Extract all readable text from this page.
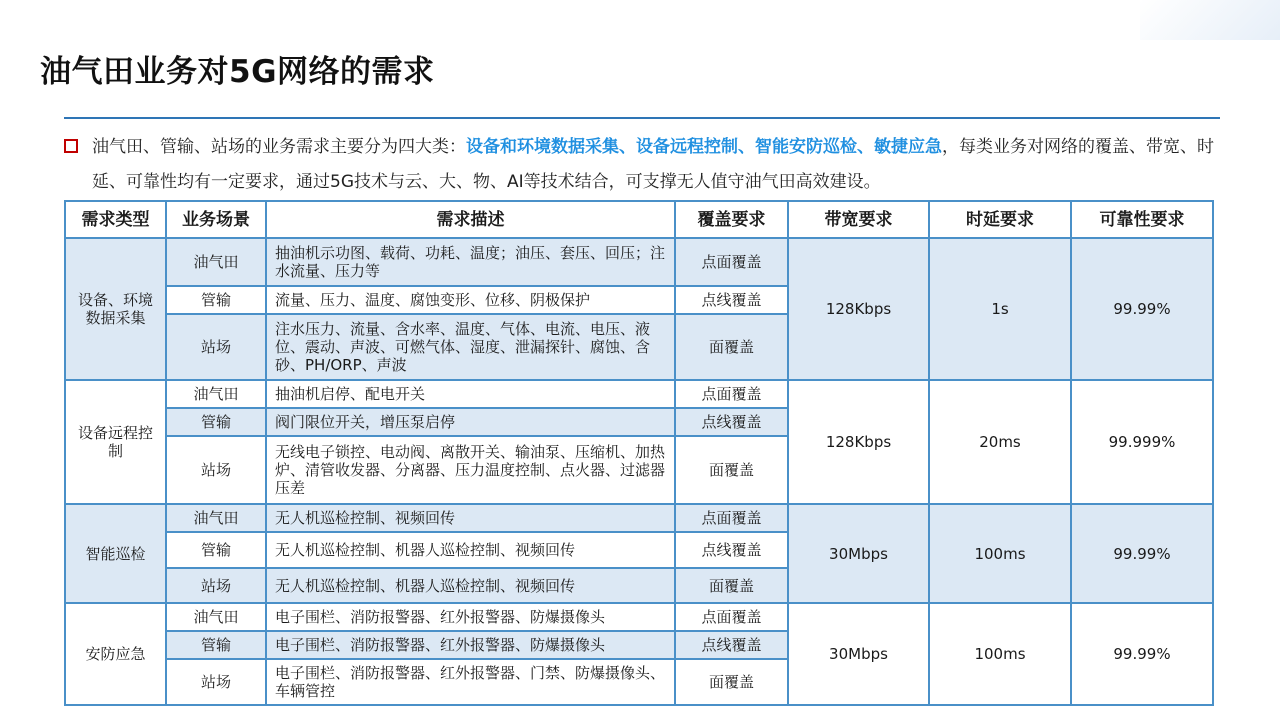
油气田业务对5G网络的需求
油气田、管输、站场的业务需求主要分为四大类：设备和环境数据采集、设备远程控制、智能安防巡检、敏捷应急，每类业务对网络的覆盖、带宽、时延、可靠性均有一定要求，通过5G技术与云、大、物、AI等技术结合，可支撑无人值守油气田高效建设。
需求类型	业务场景	需求描述	覆盖要求	带宽要求	时延要求	可靠性要求
设备、环境数据采集	油气田	抽油机示功图、载荷、功耗、温度；油压、套压、回压；注水流量、压力等	点面覆盖	128Kbps	1s	99.99%
	管输	流量、压力、温度、腐蚀变形、位移、阴极保护	点线覆盖			
	站场	注水压力、流量、含水率、温度、气体、电流、电压、液位、震动、声波、可燃气体、湿度、泄漏探针、腐蚀、含砂、PH/ORP、声波	面覆盖			
设备远程控制	油气田	抽油机启停、配电开关	点面覆盖	128Kbps	20ms	99.999%
	管输	阀门限位开关，增压泵启停	点线覆盖			
	站场	无线电子锁控、电动阀、离散开关、输油泵、压缩机、加热炉、清管收发器、分离器、压力温度控制、点火器、过滤器压差	面覆盖			
智能巡检	油气田	无人机巡检控制、视频回传	点面覆盖	30Mbps	100ms	99.99%
	管输	无人机巡检控制、机器人巡检控制、视频回传	点线覆盖			
	站场	无人机巡检控制、机器人巡检控制、视频回传	面覆盖			
安防应急	油气田	电子围栏、消防报警器、红外报警器、防爆摄像头	点面覆盖	30Mbps	100ms	99.99%
	管输	电子围栏、消防报警器、红外报警器、防爆摄像头	点线覆盖			
	站场	电子围栏、消防报警器、红外报警器、门禁、防爆摄像头、车辆管控	面覆盖			
